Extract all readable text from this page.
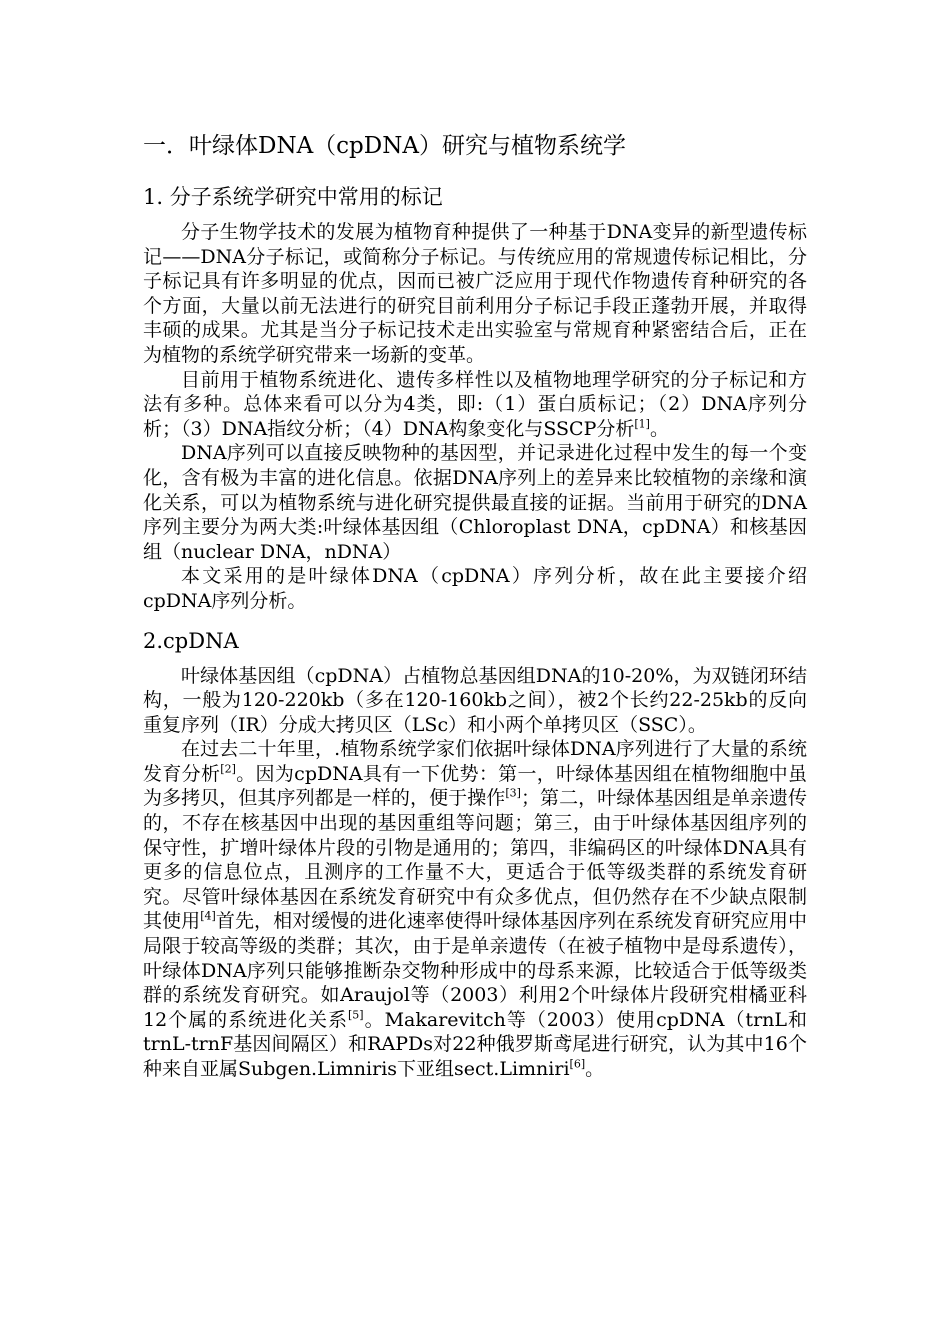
一．叶绿体DNA（cpDNA）研究与植物系统学
1. 分子系统学研究中常用的标记

分子生物学技术的发展为植物育种提供了一种基于DNA变异的新型遗传标记——DNA分子标记，或简称分子标记。与传统应用的常规遗传标记相比，分子标记具有许多明显的优点，因而已被广泛应用于现代作物遗传育种研究的各个方面，大量以前无法进行的研究目前利用分子标记手段正蓬勃开展，并取得丰硕的成果。尤其是当分子标记技术走出实验室与常规育种紧密结合后，正在为植物的系统学研究带来一场新的变革。

目前用于植物系统进化、遗传多样性以及植物地理学研究的分子标记和方法有多种。总体来看可以分为4类，即:（1）蛋白质标记；（2）DNA序列分析；（3）DNA指纹分析；（4）DNA构象变化与SSCP分析[1]。

DNA序列可以直接反映物种的基因型，并记录进化过程中发生的每一个变化，含有极为丰富的进化信息。依据DNA序列上的差异来比较植物的亲缘和演化关系，可以为植物系统与进化研究提供最直接的证据。当前用于研究的DNA序列主要分为两大类:叶绿体基因组（Chloroplast DNA，cpDNA）和核基因组（nuclear DNA，nDNA）

本文采用的是叶绿体DNA（cpDNA）序列分析，故在此主要接介绍cpDNA序列分析。

2.cpDNA

叶绿体基因组（cpDNA）占植物总基因组DNA的10-20%，为双链闭环结构，一般为120-220kb（多在120-160kb之间），被2个长约22-25kb的反向重复序列（IR）分成大拷贝区（LSc）和小两个单拷贝区（SSC）。

在过去二十年里，.植物系统学家们依据叶绿体DNA序列进行了大量的系统发育分析[2]。因为cpDNA具有一下优势：第一，叶绿体基因组在植物细胞中虽为多拷贝，但其序列都是一样的，便于操作[3]；第二，叶绿体基因组是单亲遗传的，不存在核基因中出现的基因重组等问题；第三，由于叶绿体基因组序列的保守性，扩增叶绿体片段的引物是通用的；第四，非编码区的叶绿体DNA具有更多的信息位点，且测序的工作量不大，更适合于低等级类群的系统发育研究。尽管叶绿体基因在系统发育研究中有众多优点，但仍然存在不少缺点限制其使用[4]首先，相对缓慢的进化速率使得叶绿体基因序列在系统发育研究应用中局限于较高等级的类群；其次，由于是单亲遗传（在被子植物中是母系遗传），叶绿体DNA序列只能够推断杂交物种形成中的母系来源，比较适合于低等级类群的系统发育研究。如Araujol等（2003）利用2个叶绿体片段研究柑橘亚科12个属的系统进化关系[5]。Makarevitch等（2003）使用cpDNA（trnL和trnL-trnF基因间隔区）和RAPDs对22种俄罗斯鸢尾进行研究，认为其中16个种来自亚属Subgen.Limniris下亚组sect.Limniri[6]。
